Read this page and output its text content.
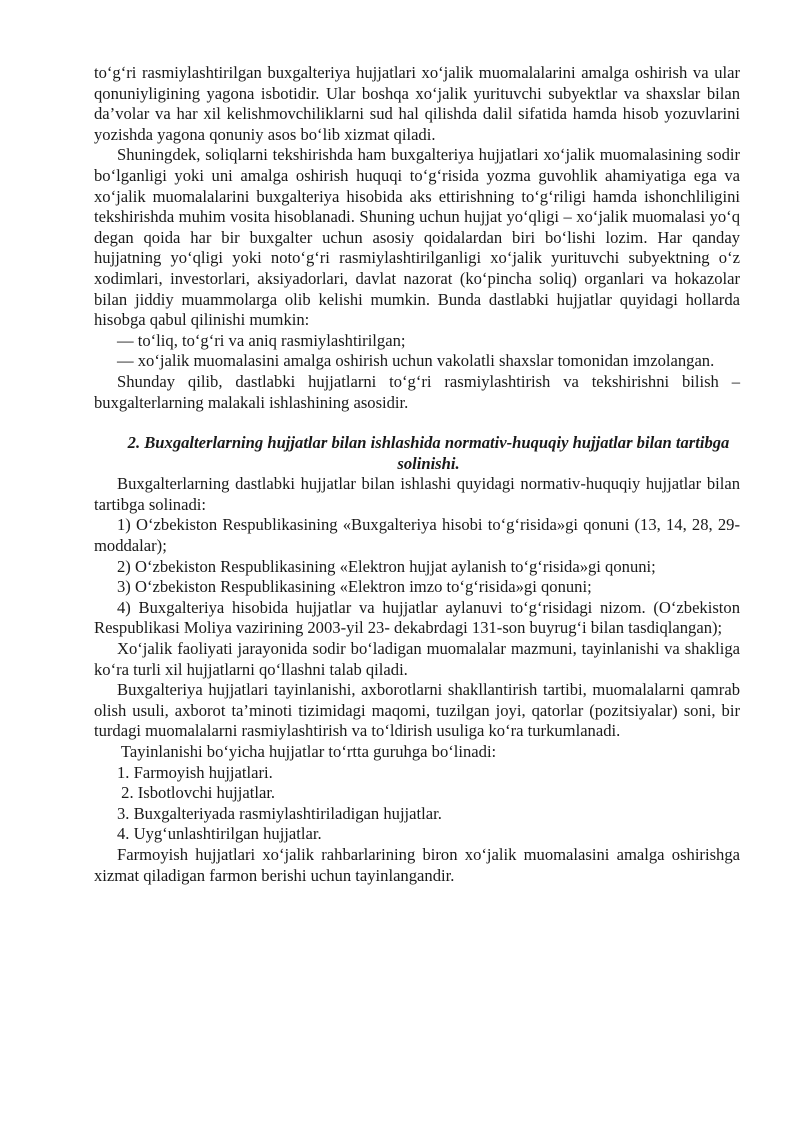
to‘g‘ri rasmiylashtirilgan buxgalteriya hujjatlari xo‘jalik muomalalarini amalga oshirish va ular qonuniyligining yagona isbotidir. Ular boshqa xo‘jalik yurituvchi subyektlar va shaxslar bilan da’volar va har xil kelishmovchiliklarni sud hal qilishda dalil sifatida hamda hisob yozuvlarini yozishda yagona qonuniy asos bo‘lib xizmat qiladi.

Shuningdek, soliqlarni tekshirishda ham buxgalteriya hujjatlari xo‘jalik muomalasining sodir bo‘lganligi yoki uni amalga oshirish huquqi to‘g‘risida yozma guvohlik ahamiyatiga ega va xo‘jalik muomalalarini buxgalteriya hisobida aks ettirishning to‘g‘riligi hamda ishonchliligini tekshirishda muhim vosita hisoblanadi. Shuning uchun hujjat yo‘qligi – xo‘jalik muomalasi yo‘q degan qoida har bir buxgalter uchun asosiy qoidalardan biri bo‘lishi lozim. Har qanday hujjatning yo‘qligi yoki noto‘g‘ri rasmiylashtirilganligi xo‘jalik yurituvchi subyektning o‘z xodimlari, investorlari, aksiyadorlari, davlat nazorat (ko‘pincha soliq) organlari va hokazolar bilan jiddiy muammolarga olib kelishi mumkin. Bunda dastlabki hujjatlar quyidagi hollarda hisobga qabul qilinishi mumkin:

— to‘liq, to‘g‘ri va aniq rasmiylashtirilgan;

— xo‘jalik muomalasini amalga oshirish uchun vakolatli shaxslar tomonidan imzolangan.

Shunday qilib, dastlabki hujjatlarni to‘g‘ri rasmiylashtirish va tekshirishni bilish – buxgalterlarning malakali ishlashining asosidir.

2. Buxgalterlarning hujjatlar bilan ishlashida normativ-huquqiy hujjatlar bilan tartibga solinishi.

Buxgalterlarning dastlabki hujjatlar bilan ishlashi quyidagi normativ-huquqiy hujjatlar bilan tartibga solinadi:

1) O‘zbekiston Respublikasining «Buxgalteriya hisobi to‘g‘risida»gi qonuni (13, 14, 28, 29-moddalar);

2) O‘zbekiston Respublikasining «Elektron hujjat aylanish to‘g‘risida»gi qonuni;

3) O‘zbekiston Respublikasining «Elektron imzo to‘g‘risida»gi qonuni;

4) Buxgalteriya hisobida hujjatlar va hujjatlar aylanuvi to‘g‘risidagi nizom. (O‘zbekiston Respublikasi Moliya vazirining 2003-yil 23- dekabrdagi 131-son buyrug‘i bilan tasdiqlangan);

Xo‘jalik faoliyati jarayonida sodir bo‘ladigan muomalalar mazmuni, tayinlanishi va shakliga ko‘ra turli xil hujjatlarni qo‘llashni talab qiladi.

Buxgalteriya hujjatlari tayinlanishi, axborotlarni shakllantirish tartibi, muomalalarni qamrab olish usuli, axborot ta’minoti tizimidagi maqomi, tuzilgan joyi, qatorlar (pozitsiyalar) soni, bir turdagi muomalalarni rasmiylashtirish va to‘ldirish usuliga ko‘ra turkumlanadi.

Tayinlanishi bo‘yicha hujjatlar to‘rtta guruhga bo‘linadi:

1. Farmoyish hujjatlari.

2. Isbotlovchi hujjatlar.

3. Buxgalteriyada rasmiylashtiriladigan hujjatlar.

4. Uyg‘unlashtirilgan hujjatlar.

Farmoyish hujjatlari xo‘jalik rahbarlarining biron xo‘jalik muomalasini amalga oshirishga xizmat qiladigan farmon berishi uchun tayinlangandir.
